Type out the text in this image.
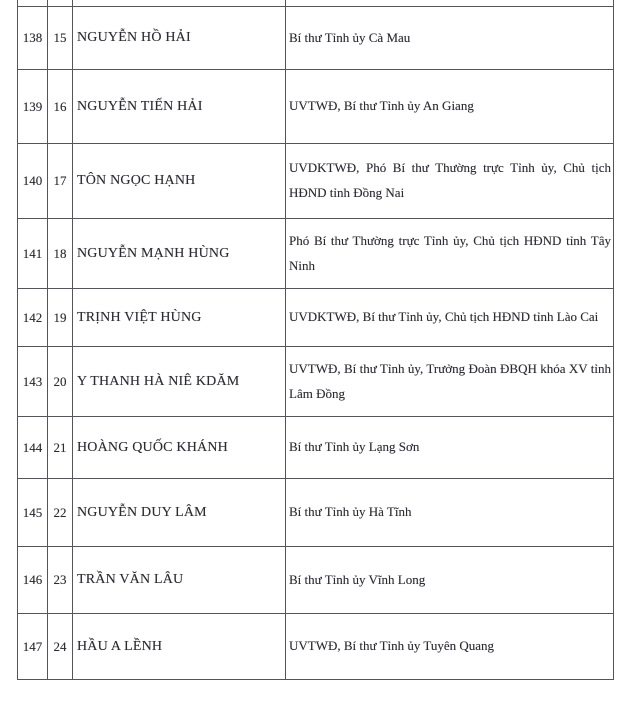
138	15	NGUYỄN HỒ HẢI	Bí thư Tỉnh ủy Cà Mau
139	16	NGUYỄN TIẾN HẢI	UVTWĐ, Bí thư Tỉnh ủy An Giang
140	17	TÔN NGỌC HẠNH	UVDKTWĐ, Phó Bí thư Thường trực Tỉnh ủy, Chủ tịch HĐND tỉnh Đồng Nai
141	18	NGUYỄN MẠNH HÙNG	Phó Bí thư Thường trực Tỉnh ủy, Chủ tịch HĐND tỉnh Tây Ninh
142	19	TRỊNH VIỆT HÙNG	UVDKTWĐ, Bí thư Tỉnh ủy, Chủ tịch HĐND tỉnh Lào Cai
143	20	Y THANH HÀ NIÊ KDĂM	UVTWĐ, Bí thư Tỉnh ủy, Trưởng Đoàn ĐBQH khóa XV tỉnh Lâm Đồng
144	21	HOÀNG QUỐC KHÁNH	Bí thư Tỉnh ủy Lạng Sơn
145	22	NGUYỄN DUY LÂM	Bí thư Tỉnh ủy Hà Tĩnh
146	23	TRẦN VĂN LÂU	Bí thư Tỉnh ủy Vĩnh Long
147	24	HẦU A LỀNH	UVTWĐ, Bí thư Tỉnh ủy Tuyên Quang
